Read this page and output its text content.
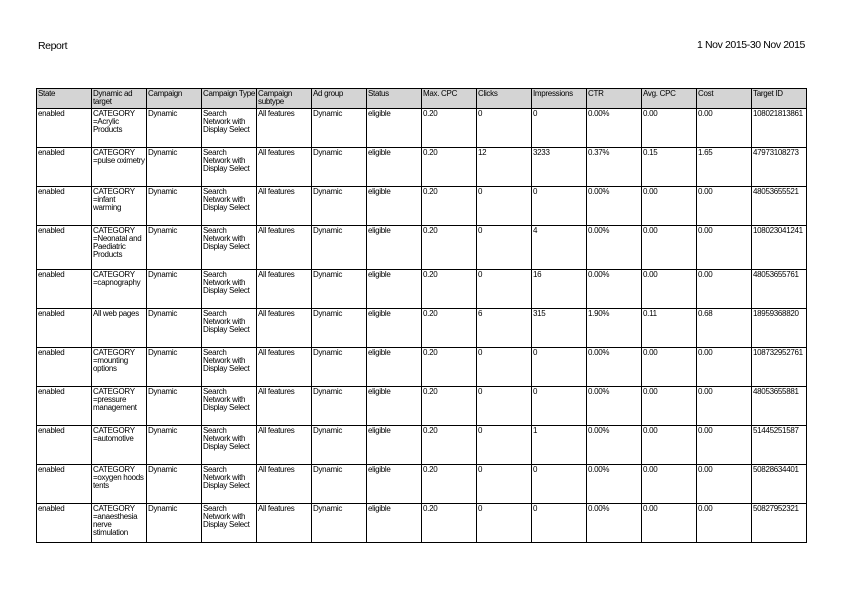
Report	1 Nov 2015-30 Nov 2015
State	Dynamic ad target	Campaign	Campaign Type	Campaign subtype	Ad group	Status	Max. CPC	Clicks	Impressions	CTR	Avg. CPC	Cost	Target ID
enabled	CATEGORY =Acrylic Products	Dynamic	Search Network with Display Select	All features	Dynamic	eligible	0.20	0	0	0.00%	0.00	0.00	108021813861
enabled	CATEGORY =pulse oximetry	Dynamic	Search Network with Display Select	All features	Dynamic	eligible	0.20	12	3233	0.37%	0.15	1.65	47973108273
enabled	CATEGORY =infant warming	Dynamic	Search Network with Display Select	All features	Dynamic	eligible	0.20	0	0	0.00%	0.00	0.00	48053655521
enabled	CATEGORY =Neonatal and Paediatric Products	Dynamic	Search Network with Display Select	All features	Dynamic	eligible	0.20	0	4	0.00%	0.00	0.00	108023041241
enabled	CATEGORY =capnography	Dynamic	Search Network with Display Select	All features	Dynamic	eligible	0.20	0	16	0.00%	0.00	0.00	48053655761
enabled	All web pages	Dynamic	Search Network with Display Select	All features	Dynamic	eligible	0.20	6	315	1.90%	0.11	0.68	18959368820
enabled	CATEGORY =mounting options	Dynamic	Search Network with Display Select	All features	Dynamic	eligible	0.20	0	0	0.00%	0.00	0.00	108732952761
enabled	CATEGORY =pressure management	Dynamic	Search Network with Display Select	All features	Dynamic	eligible	0.20	0	0	0.00%	0.00	0.00	48053655881
enabled	CATEGORY =automotive	Dynamic	Search Network with Display Select	All features	Dynamic	eligible	0.20	0	1	0.00%	0.00	0.00	51445251587
enabled	CATEGORY =oxygen hoods tents	Dynamic	Search Network with Display Select	All features	Dynamic	eligible	0.20	0	0	0.00%	0.00	0.00	50828634401
enabled	CATEGORY =anaesthesia nerve stimulation	Dynamic	Search Network with Display Select	All features	Dynamic	eligible	0.20	0	0	0.00%	0.00	0.00	50827952321
